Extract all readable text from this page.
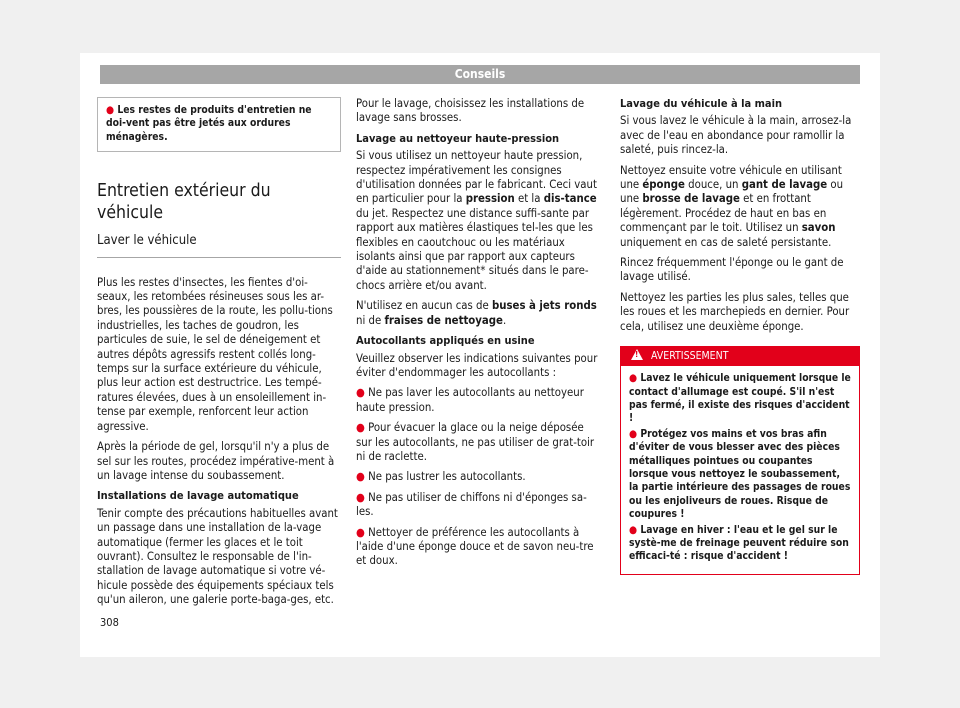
Conseils
● Les restes de produits d'entretien ne doi-vent pas être jetés aux ordures ménagères.
Entretien extérieur du véhicule
Laver le véhicule

Plus les restes d'insectes, les fientes d'oi-seaux, les retombées résineuses sous les ar-bres, les poussières de la route, les pollu-tions industrielles, les taches de goudron, les particules de suie, le sel de déneigement et autres dépôts agressifs restent collés long-temps sur la surface extérieure du véhicule, plus leur action est destructrice. Les tempé-ratures élevées, dues à un ensoleillement in-tense par exemple, renforcent leur action agressive.

Après la période de gel, lorsqu'il n'y a plus de sel sur les routes, procédez impérative-ment à un lavage intense du soubassement.

Installations de lavage automatique

Tenir compte des précautions habituelles avant un passage dans une installation de la-vage automatique (fermer les glaces et le toit ouvrant). Consultez le responsable de l'in-stallation de lavage automatique si votre vé-hicule possède des équipements spéciaux tels qu'un aileron, une galerie porte-baga-ges, etc.

Pour le lavage, choisissez les installations de lavage sans brosses.

Lavage au nettoyeur haute-pression

Si vous utilisez un nettoyeur haute pression, respectez impérativement les consignes d'utilisation données par le fabricant. Ceci vaut en particulier pour la pression et la dis-tance du jet. Respectez une distance suffi-sante par rapport aux matières élastiques tel-les que les flexibles en caoutchouc ou les matériaux isolants ainsi que par rapport aux capteurs d'aide au stationnement* situés dans le pare-chocs arrière et/ou avant.

N'utilisez en aucun cas de buses à jets ronds ni de fraises de nettoyage.

Autocollants appliqués en usine

Veuillez observer les indications suivantes pour éviter d'endommager les autocollants :

● Ne pas laver les autocollants au nettoyeur haute pression.

● Pour évacuer la glace ou la neige déposée sur les autocollants, ne pas utiliser de grat-toir ni de raclette.

● Ne pas lustrer les autocollants.

● Ne pas utiliser de chiffons ni d'éponges sa-les.

● Nettoyer de préférence les autocollants à l'aide d'une éponge douce et de savon neu-tre et doux.

Lavage du véhicule à la main

Si vous lavez le véhicule à la main, arrosez-la avec de l'eau en abondance pour ramollir la saleté, puis rincez-la.

Nettoyez ensuite votre véhicule en utilisant une éponge douce, un gant de lavage ou une brosse de lavage et en frottant légèrement. Procédez de haut en bas en commençant par le toit. Utilisez un savon uniquement en cas de saleté persistante.

Rincez fréquemment l'éponge ou le gant de lavage utilisé.

Nettoyez les parties les plus sales, telles que les roues et les marchepieds en dernier. Pour cela, utilisez une deuxième éponge.

!AVERTISSEMENT

● Lavez le véhicule uniquement lorsque le contact d'allumage est coupé. S'il n'est pas fermé, il existe des risques d'accident !

● Protégez vos mains et vos bras afin d'éviter de vous blesser avec des pièces métalliques pointues ou coupantes lorsque vous nettoyez le soubassement, la partie intérieure des passages de roues ou les enjoliveurs de roues. Risque de coupures !

● Lavage en hiver : l'eau et le gel sur le systè-me de freinage peuvent réduire son efficaci-té : risque d'accident !

308
